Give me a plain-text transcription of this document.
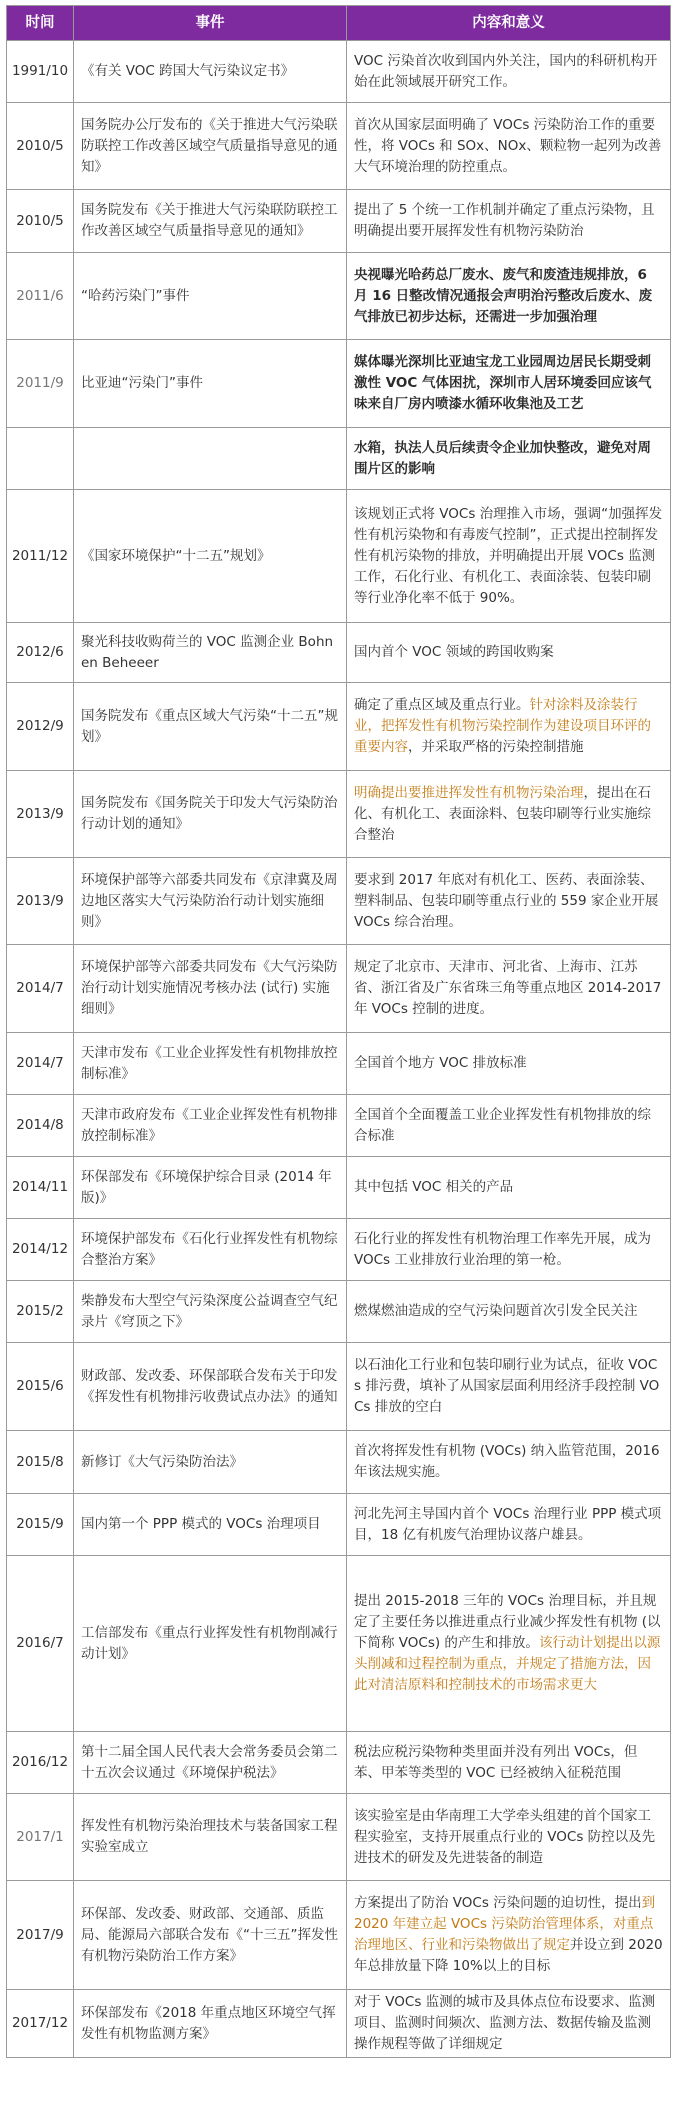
时间	事件	内容和意义
1991/10	《有关 VOC 跨国大气污染议定书》	VOC 污染首次收到国内外关注，国内的科研机构开始在此领域展开研究工作。
2010/5	国务院办公厅发布的《关于推进大气污染联防联控工作改善区域空气质量指导意见的通知》	首次从国家层面明确了 VOCs 污染防治工作的重要性，将 VOCs 和 SOx、NOx、颗粒物一起列为改善大气环境治理的防控重点。
2010/5	国务院发布《关于推进大气污染联防联控工作改善区域空气质量指导意见的通知》	提出了 5 个统一工作机制并确定了重点污染物，且明确提出要开展挥发性有机物污染防治
2011/6	“哈药污染门”事件	央视曝光哈药总厂废水、废气和废渣违规排放，6 月 16 日整改情况通报会声明治污整改后废水、废气排放已初步达标，还需进一步加强治理
2011/9	比亚迪“污染门”事件	媒体曝光深圳比亚迪宝龙工业园周边居民长期受刺激性 VOC 气体困扰，深圳市人居环境委回应该气味来自厂房内喷漆水循环收集池及工艺
		水箱，执法人员后续责令企业加快整改，避免对周围片区的影响
2011/12	《国家环境保护“十二五”规划》	该规划正式将 VOCs 治理推入市场，强调“加强挥发性有机污染物和有毒废气控制”，正式提出控制挥发性有机污染物的排放，并明确提出开展 VOCs 监测工作，石化行业、有机化工、表面涂装、包装印刷等行业净化率不低于 90%。
2012/6	聚光科技收购荷兰的 VOC 监测企业 Bohnen Beheeer	国内首个 VOC 领域的跨国收购案
2012/9	国务院发布《重点区域大气污染“十二五”规划》	确定了重点区域及重点行业。针对涂料及涂装行业，把挥发性有机物污染控制作为建设项目环评的重要内容，并采取严格的污染控制措施
2013/9	国务院发布《国务院关于印发大气污染防治行动计划的通知》	明确提出要推进挥发性有机物污染治理，提出在石化、有机化工、表面涂料、包装印刷等行业实施综合整治
2013/9	环境保护部等六部委共同发布《京津冀及周边地区落实大气污染防治行动计划实施细则》	要求到 2017 年底对有机化工、医药、表面涂装、塑料制品、包装印刷等重点行业的 559 家企业开展 VOCs 综合治理。
2014/7	环境保护部等六部委共同发布《大气污染防治行动计划实施情况考核办法 (试行) 实施细则》	规定了北京市、天津市、河北省、上海市、江苏省、浙江省及广东省珠三角等重点地区 2014-2017 年 VOCs 控制的进度。
2014/7	天津市发布《工业企业挥发性有机物排放控制标准》	全国首个地方 VOC 排放标准
2014/8	天津市政府发布《工业企业挥发性有机物排放控制标准》	全国首个全面覆盖工业企业挥发性有机物排放的综合标准
2014/11	环保部发布《环境保护综合目录 (2014 年版)》	其中包括 VOC 相关的产品
2014/12	环境保护部发布《石化行业挥发性有机物综合整治方案》	石化行业的挥发性有机物治理工作率先开展，成为 VOCs 工业排放行业治理的第一枪。
2015/2	柴静发布大型空气污染深度公益调查空气纪录片《穹顶之下》	燃煤燃油造成的空气污染问题首次引发全民关注
2015/6	财政部、发改委、环保部联合发布关于印发《挥发性有机物排污收费试点办法》的通知	以石油化工行业和包装印刷行业为试点，征收 VOCs 排污费，填补了从国家层面利用经济手段控制 VOCs 排放的空白
2015/8	新修订《大气污染防治法》	首次将挥发性有机物 (VOCs) 纳入监管范围，2016 年该法规实施。
2015/9	国内第一个 PPP 模式的 VOCs 治理项目	河北先河主导国内首个 VOCs 治理行业 PPP 模式项目，18 亿有机废气治理协议落户雄县。
2016/7	工信部发布《重点行业挥发性有机物削减行动计划》	提出 2015-2018 三年的 VOCs 治理目标，并且规定了主要任务以推进重点行业减少挥发性有机物 (以下简称 VOCs) 的产生和排放。该行动计划提出以源头削减和过程控制为重点，并规定了措施方法，因此对清洁原料和控制技术的市场需求更大
2016/12	第十二届全国人民代表大会常务委员会第二十五次会议通过《环境保护税法》	税法应税污染物种类里面并没有列出 VOCs，但苯、甲苯等类型的 VOC 已经被纳入征税范围
2017/1	挥发性有机物污染治理技术与装备国家工程实验室成立	该实验室是由华南理工大学牵头组建的首个国家工程实验室，支持开展重点行业的 VOCs 防控以及先进技术的研发及先进装备的制造
2017/9	环保部、发改委、财政部、交通部、质监局、能源局六部联合发布《“十三五”挥发性有机物污染防治工作方案》	方案提出了防治 VOCs 污染问题的迫切性，提出到 2020 年建立起 VOCs 污染防治管理体系，对重点治理地区、行业和污染物做出了规定并设立到 2020 年总排放量下降 10%以上的目标
2017/12	环保部发布《2018 年重点地区环境空气挥发性有机物监测方案》	对于 VOCs 监测的城市及具体点位布设要求、监测项目、监测时间频次、监测方法、数据传输及监测操作规程等做了详细规定
